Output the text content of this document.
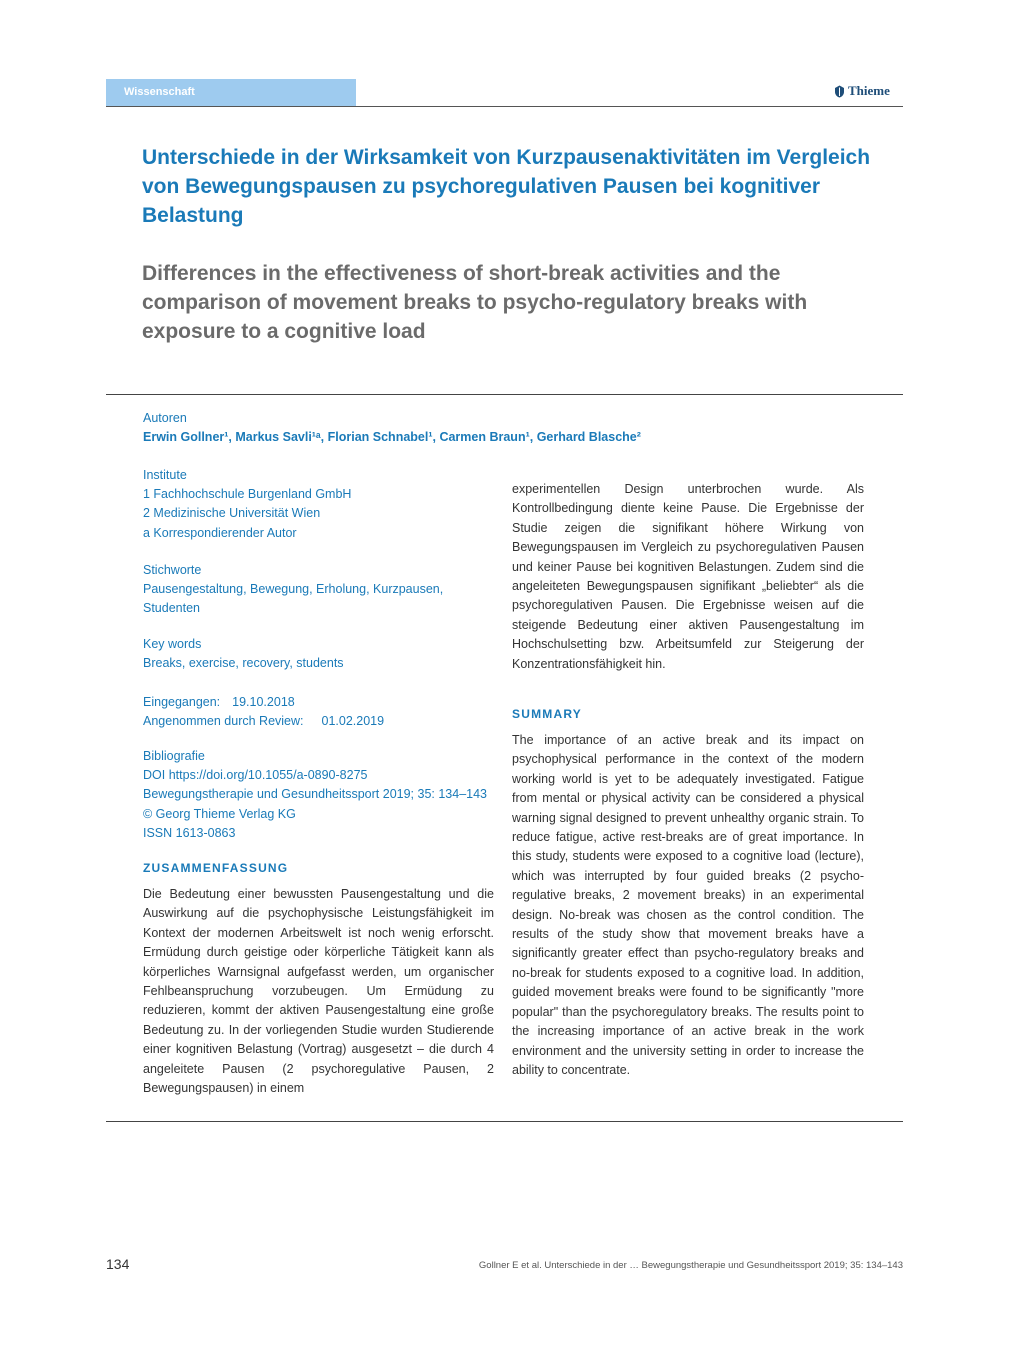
Wissenschaft	Thieme
Unterschiede in der Wirksamkeit von Kurzpausenaktivitäten im Vergleich von Bewegungspausen zu psychoregulativen Pausen bei kognitiver Belastung
Differences in the effectiveness of short-break activities and the comparison of movement breaks to psycho-regulatory breaks with exposure to a cognitive load
Autoren
Erwin Gollner¹, Markus Savli¹ᵃ, Florian Schnabel¹, Carmen Braun¹, Gerhard Blasche²
Institute
1 Fachhochschule Burgenland GmbH
2 Medizinische Universität Wien
a Korrespondierender Autor
Stichworte
Pausengestaltung, Bewegung, Erholung, Kurzpausen,
Studenten
Key words
Breaks, exercise, recovery, students
Eingegangen: 19.10.2018
Angenommen durch Review: 01.02.2019
Bibliografie
DOI https://doi.org/10.1055/a-0890-8275
Bewegungstherapie und Gesundheitssport 2019; 35: 134–143
© Georg Thieme Verlag KG
ISSN 1613-0863
ZUSAMMENFASSUNG
Die Bedeutung einer bewussten Pausengestaltung und die Auswirkung auf die psychophysische Leistungsfähigkeit im Kontext der modernen Arbeitswelt ist noch wenig erforscht. Ermüdung durch geistige oder körperliche Tätigkeit kann als körperliches Warnsignal aufgefasst werden, um organischer Fehlbeanspruchung vorzubeugen. Um Ermüdung zu reduzieren, kommt der aktiven Pausengestaltung eine große Bedeutung zu. In der vorliegenden Studie wurden Studierende einer kognitiven Belastung (Vortrag) ausgesetzt – die durch 4 angeleitete Pausen (2 psychoregulative Pausen, 2 Bewegungspausen) in einem
experimentellen Design unterbrochen wurde. Als Kontrollbedingung diente keine Pause. Die Ergebnisse der Studie zeigen die signifikant höhere Wirkung von Bewegungspausen im Vergleich zu psychoregulativen Pausen und keiner Pause bei kognitiven Belastungen. Zudem sind die angeleiteten Bewegungspausen signifikant „beliebter“ als die psychoregulativen Pausen. Die Ergebnisse weisen auf die steigende Bedeutung einer aktiven Pausengestaltung im Hochschulsetting bzw. Arbeitsumfeld zur Steigerung der Konzentrationsfähigkeit hin.
SUMMARY
The importance of an active break and its impact on psychophysical performance in the context of the modern working world is yet to be adequately investigated. Fatigue from mental or physical activity can be considered a physical warning signal designed to prevent unhealthy organic strain. To reduce fatigue, active rest-breaks are of great importance. In this study, students were exposed to a cognitive load (lecture), which was interrupted by four guided breaks (2 psycho-regulative breaks, 2 movement breaks) in an experimental design. No-break was chosen as the control condition. The results of the study show that movement breaks have a significantly greater effect than psycho-regulatory breaks and no-break for students exposed to a cognitive load. In addition, guided movement breaks were found to be significantly "more popular" than the psychoregulatory breaks. The results point to the increasing importance of an active break in the work environment and the university setting in order to increase the ability to concentrate.
134	Gollner E et al. Unterschiede in der … Bewegungstherapie und Gesundheitssport 2019; 35: 134–143
